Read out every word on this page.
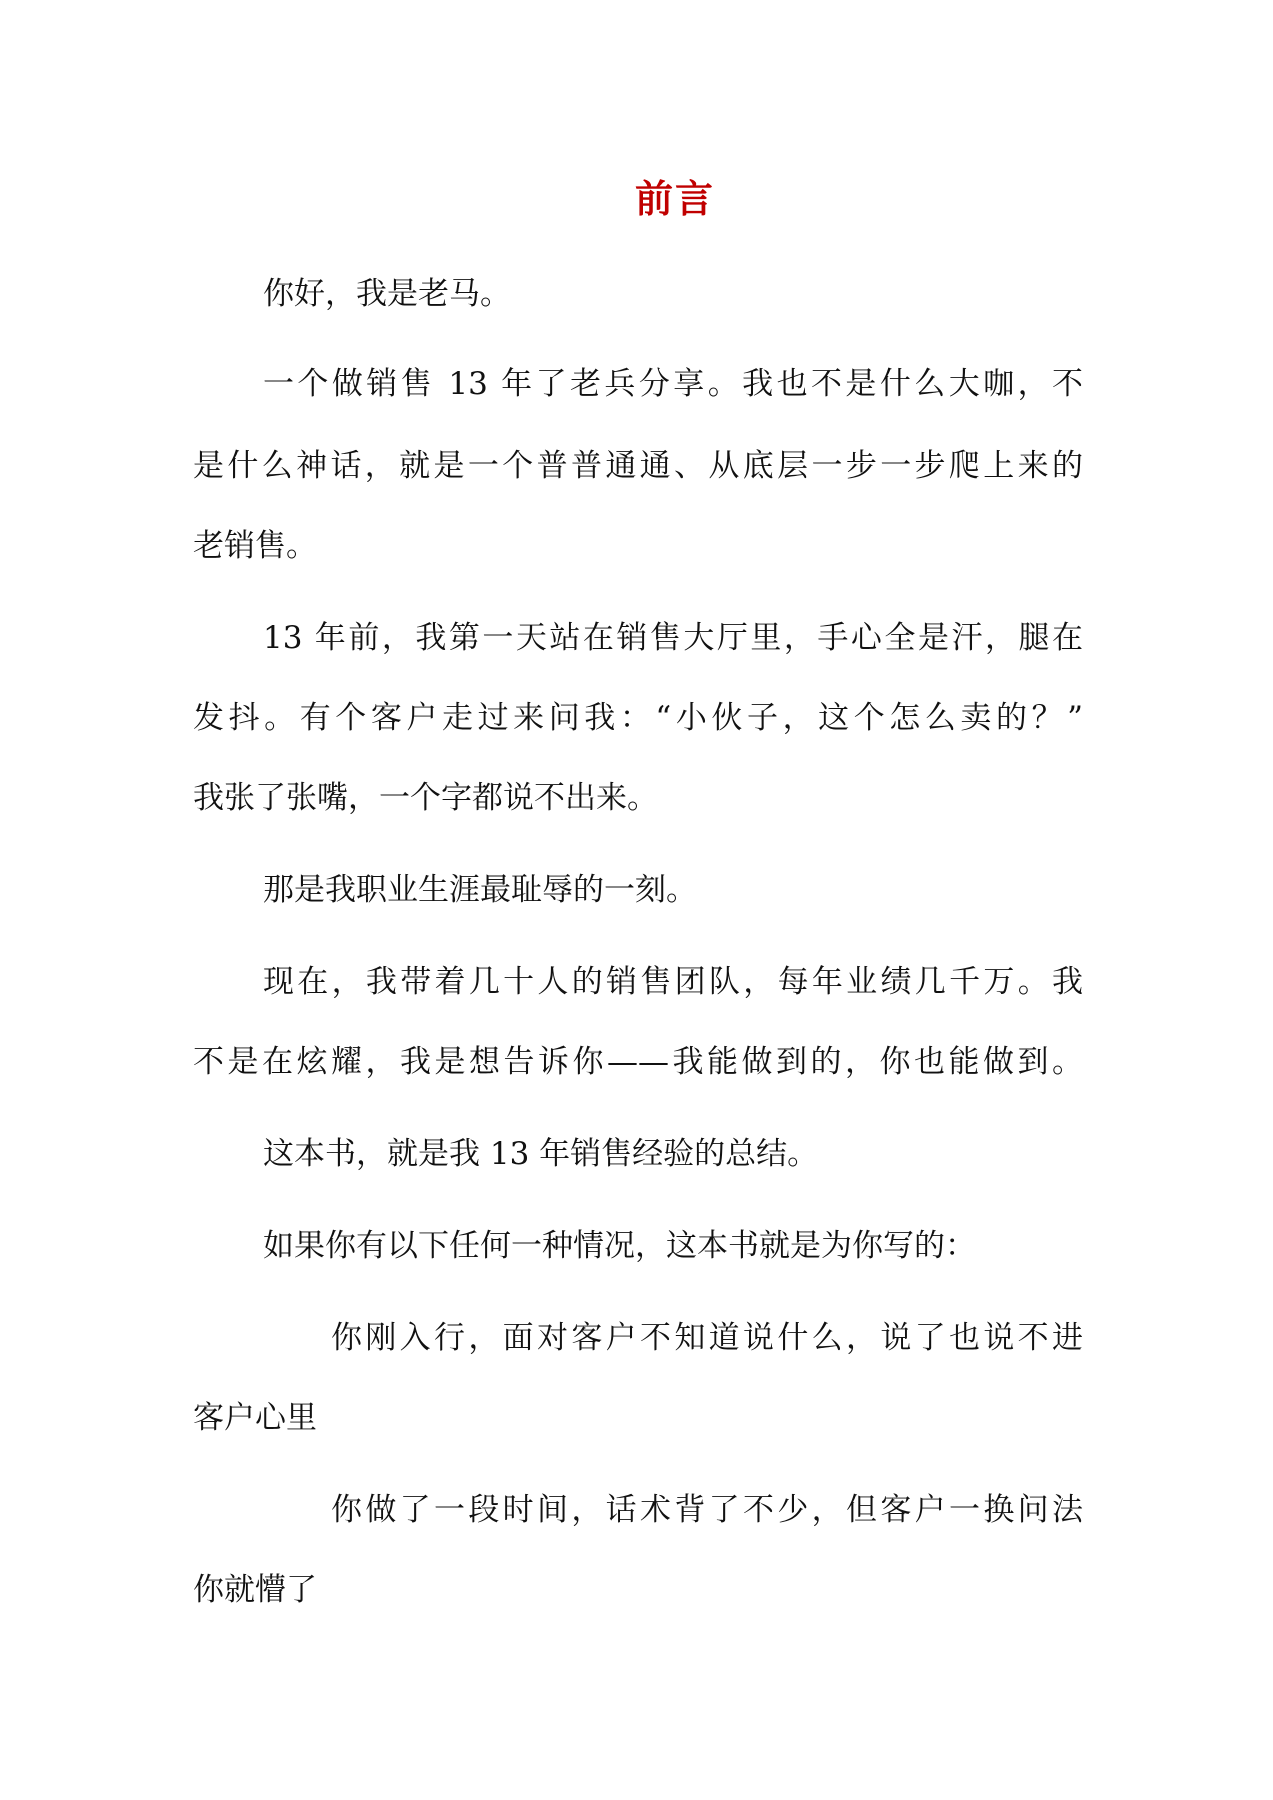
前言
你好，我是老马。
一个做销售 13 年了老兵分享。我也不是什么大咖，不
是什么神话，就是一个普普通通、从底层一步一步爬上来的
老销售。
13 年前，我第一天站在销售大厅里，手心全是汗，腿在
发抖。有个客户走过来问我：“小伙子，这个怎么卖的？”
我张了张嘴，一个字都说不出来。
那是我职业生涯最耻辱的一刻。
现在，我带着几十人的销售团队，每年业绩几千万。我
不是在炫耀，我是想告诉你——我能做到的，你也能做到。
这本书，就是我 13 年销售经验的总结。
如果你有以下任何一种情况，这本书就是为你写的：
你刚入行，面对客户不知道说什么，说了也说不进
客户心里
你做了一段时间，话术背了不少，但客户一换问法
你就懵了
